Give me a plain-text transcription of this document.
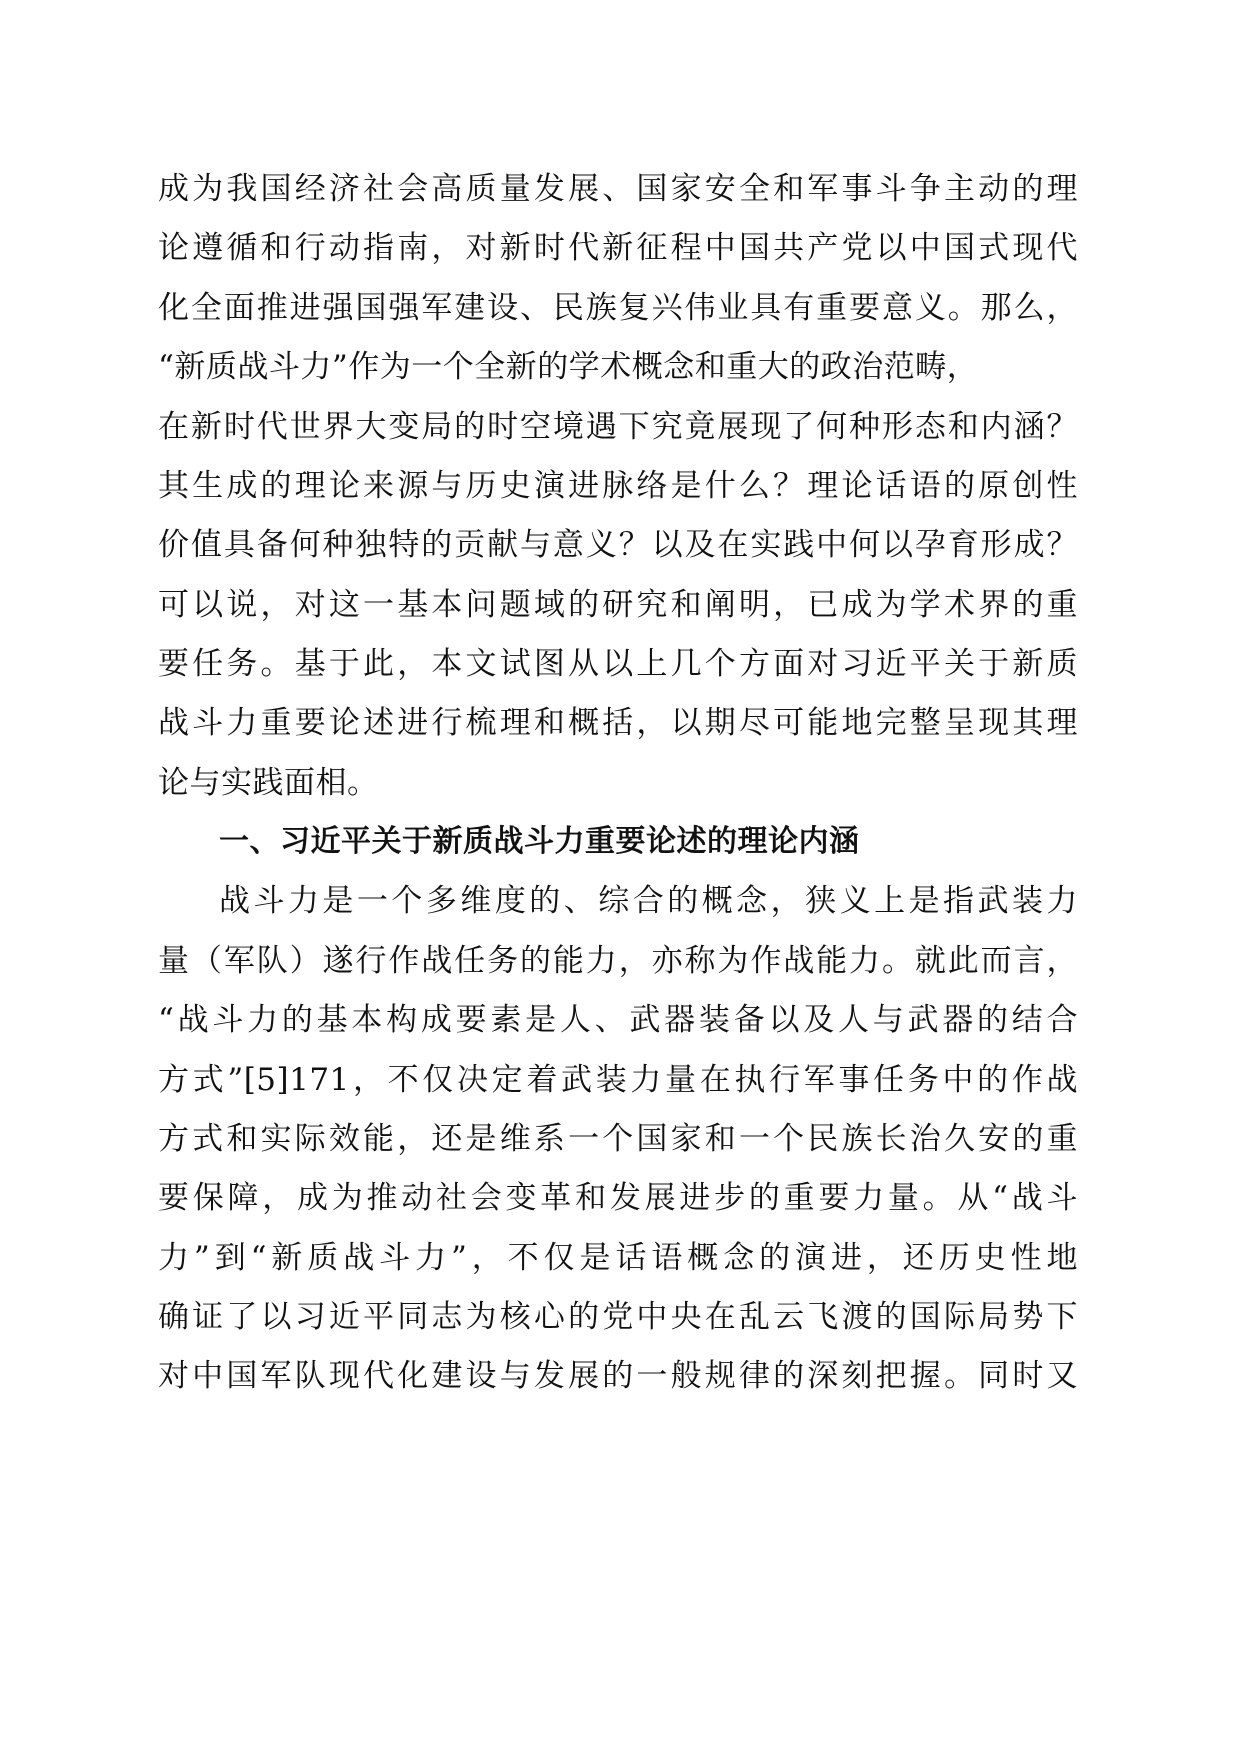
成为我国经济社会高质量发展、国家安全和军事斗争主动的理
论遵循和行动指南，对新时代新征程中国共产党以中国式现代
化全面推进强国强军建设、民族复兴伟业具有重要意义。那么，
“新质战斗力”作为一个全新的学术概念和重大的政治范畴，
在新时代世界大变局的时空境遇下究竟展现了何种形态和内涵？
其生成的理论来源与历史演进脉络是什么？理论话语的原创性
价值具备何种独特的贡献与意义？以及在实践中何以孕育形成？
可以说，对这一基本问题域的研究和阐明，已成为学术界的重
要任务。基于此，本文试图从以上几个方面对习近平关于新质
战斗力重要论述进行梳理和概括，以期尽可能地完整呈现其理
论与实践面相。
一、习近平关于新质战斗力重要论述的理论内涵
战斗力是一个多维度的、综合的概念，狭义上是指武装力
量（军队）遂行作战任务的能力，亦称为作战能力。就此而言，
“战斗力的基本构成要素是人、武器装备以及人与武器的结合
方式”[5]171，不仅决定着武装力量在执行军事任务中的作战
方式和实际效能，还是维系一个国家和一个民族长治久安的重
要保障，成为推动社会变革和发展进步的重要力量。从“战斗
力”到“新质战斗力”，不仅是话语概念的演进，还历史性地
确证了以习近平同志为核心的党中央在乱云飞渡的国际局势下
对中国军队现代化建设与发展的一般规律的深刻把握。同时又
